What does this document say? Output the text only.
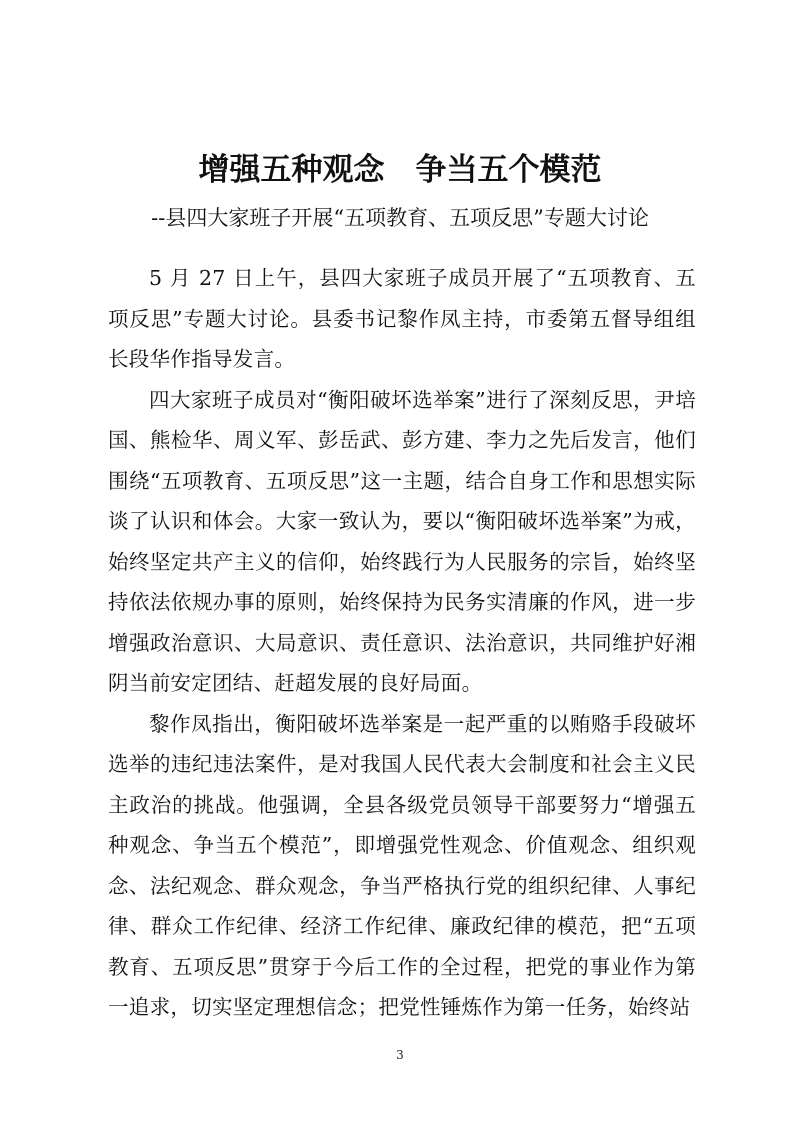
增强五种观念　争当五个模范
--县四大家班子开展“五项教育、五项反思”专题大讨论

5 月 27 日上午，县四大家班子成员开展了“五项教育、五项反思”专题大讨论。县委书记黎作凤主持，市委第五督导组组长段华作指导发言。

四大家班子成员对“衡阳破坏选举案”进行了深刻反思，尹培国、熊检华、周义军、彭岳武、彭方建、李力之先后发言，他们围绕“五项教育、五项反思”这一主题，结合自身工作和思想实际谈了认识和体会。大家一致认为，要以“衡阳破坏选举案”为戒，始终坚定共产主义的信仰，始终践行为人民服务的宗旨，始终坚持依法依规办事的原则，始终保持为民务实清廉的作风，进一步增强政治意识、大局意识、责任意识、法治意识，共同维护好湘阴当前安定团结、赶超发展的良好局面。

黎作凤指出，衡阳破坏选举案是一起严重的以贿赂手段破坏选举的违纪违法案件，是对我国人民代表大会制度和社会主义民主政治的挑战。他强调，全县各级党员领导干部要努力“增强五种观念、争当五个模范”，即增强党性观念、价值观念、组织观念、法纪观念、群众观念，争当严格执行党的组织纪律、人事纪律、群众工作纪律、经济工作纪律、廉政纪律的模范，把“五项教育、五项反思”贯穿于今后工作的全过程，把党的事业作为第一追求，切实坚定理想信念；把党性锤炼作为第一任务，始终站

3
